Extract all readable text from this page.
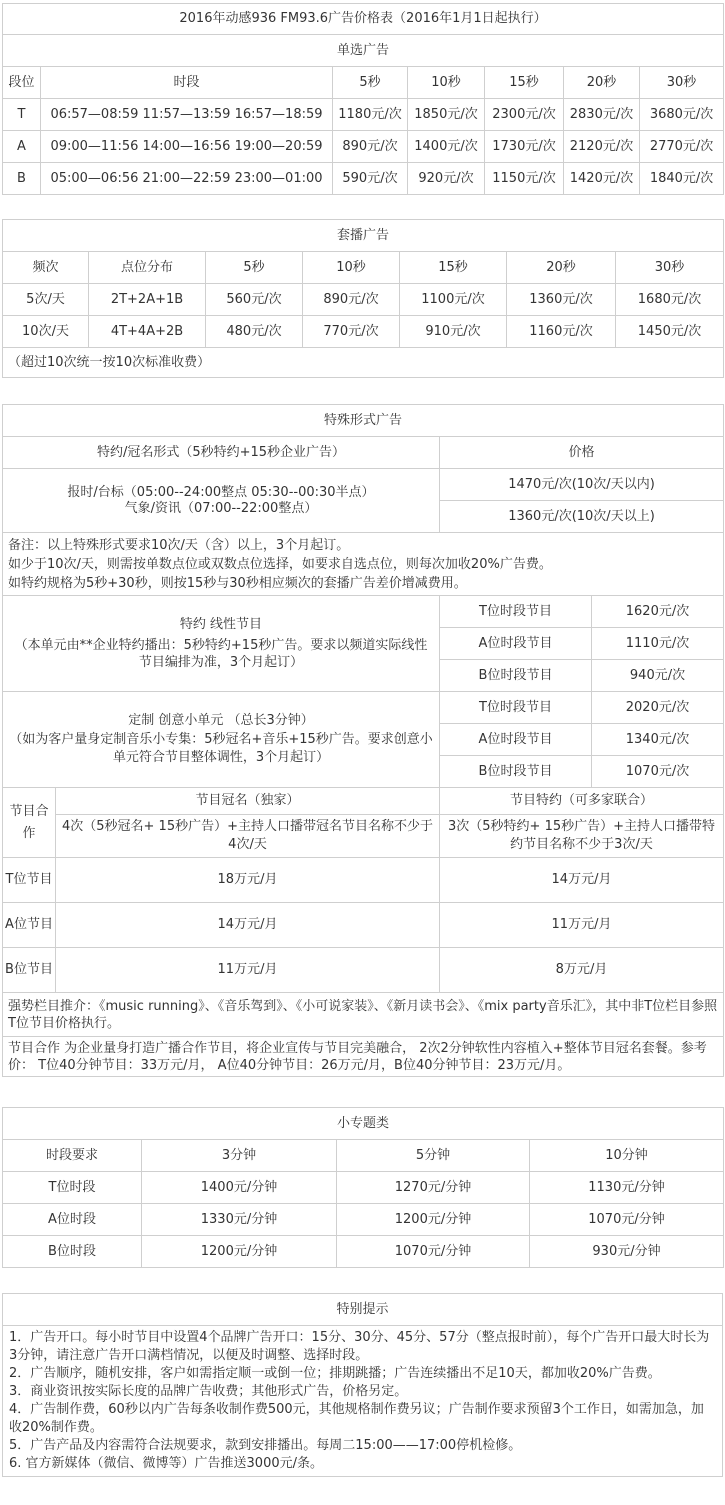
2016年动感936 FM93.6广告价格表（2016年1月1日起执行）						
单选广告						
段位	时段	5秒	10秒	15秒	20秒	30秒
T	06:57—08:59 11:57—13:59 16:57—18:59	1180元/次	1850元/次	2300元/次	2830元/次	3680元/次
A	09:00—11:56 14:00—16:56 19:00—20:59	890元/次	1400元/次	1730元/次	2120元/次	2770元/次
B	05:00—06:56 21:00—22:59 23:00—01:00	590元/次	920元/次	1150元/次	1420元/次	1840元/次
套播广告						
频次	点位分布	5秒	10秒	15秒	20秒	30秒
5次/天	2T+2A+1B	560元/次	890元/次	1100元/次	1360元/次	1680元/次
10次/天	4T+4A+2B	480元/次	770元/次	910元/次	1160元/次	1450元/次
（超过10次统一按10次标准收费）						
特殊形式广告			
特约/冠名形式（5秒特约+15秒企业广告）		价格	

报时/台标（05:00--24:00整点 05:30--00:30半点）
气象/资讯（07:00--22:00整点）		1470元/次(10次/天以内)	
		1360元/次(10次/天以上)	

备注：以上特殊形式要求10次/天（含）以上，3个月起订。
如少于10次/天，则需按单数点位或双数点位选择，如要求自选点位，则每次加收20%广告费。
如特约规格为5秒+30秒，则按15秒与30秒相应频次的套播广告差价增减费用。			

特约 线性节目
（本单元由**企业特约播出：5秒特约+15秒广告。要求以频道实际线性节目编排为准，3个月起订）		T位时段节目	1620元/次
		A位时段节目	1110元/次
		B位时段节目	940元/次

定制 创意小单元 （总长3分钟）
（如为客户量身定制音乐小专集：5秒冠名+音乐+15秒广告。要求创意小单元符合节目整体调性，3个月起订）		T位时段节目	2020元/次
		A位时段节目	1340元/次
		B位时段节目	1070元/次
节目合作	节目冠名（独家）	节目特约（可多家联合）	
	4次（5秒冠名+ 15秒广告）+主持人口播带冠名节目名称不少于4次/天	3次（5秒特约+ 15秒广告）+主持人口播带特约节目名称不少于3次/天	
T位节目	18万元/月	14万元/月	
A位节目	14万元/月	11万元/月	
B位节目	11万元/月	8万元/月	
强势栏目推介：《music running》、《音乐驾到》、《小可说家装》、《新月读书会》、《mix party音乐汇》，其中非T位栏目参照T位节目价格执行。			
节目合作 为企业量身打造广播合作节目，将企业宣传与节目完美融合， 2次2分钟软性内容植入+整体节目冠名套餐。参考价： T位40分钟节目：33万元/月， A位40分钟节目：26万元/月，B位40分钟节目：23万元/月。			
小专题类			
时段要求	3分钟	5分钟	10分钟
T位时段	1400元/分钟	1270元/分钟	1130元/分钟
A位时段	1330元/分钟	1200元/分钟	1070元/分钟
B位时段	1200元/分钟	1070元/分钟	930元/分钟
特别提示

1．广告开口。每小时节目中设置4个品牌广告开口：15分、30分、45分、57分（整点报时前），每个广告开口最大时长为3分钟，请注意广告开口满档情况，以便及时调整、选择时段。
2．广告顺序，随机安排，客户如需指定顺一或倒一位；排期跳播；广告连续播出不足10天，都加收20%广告费。
3．商业资讯按实际长度的品牌广告收费；其他形式广告，价格另定。
4．广告制作费，60秒以内广告每条收制作费500元，其他规格制作费另议；广告制作要求预留3个工作日，如需加急，加收20%制作费。
5．广告产品及内容需符合法规要求，款到安排播出。每周二15:00——17:00停机检修。
6. 官方新媒体（微信、微博等）广告推送3000元/条。
